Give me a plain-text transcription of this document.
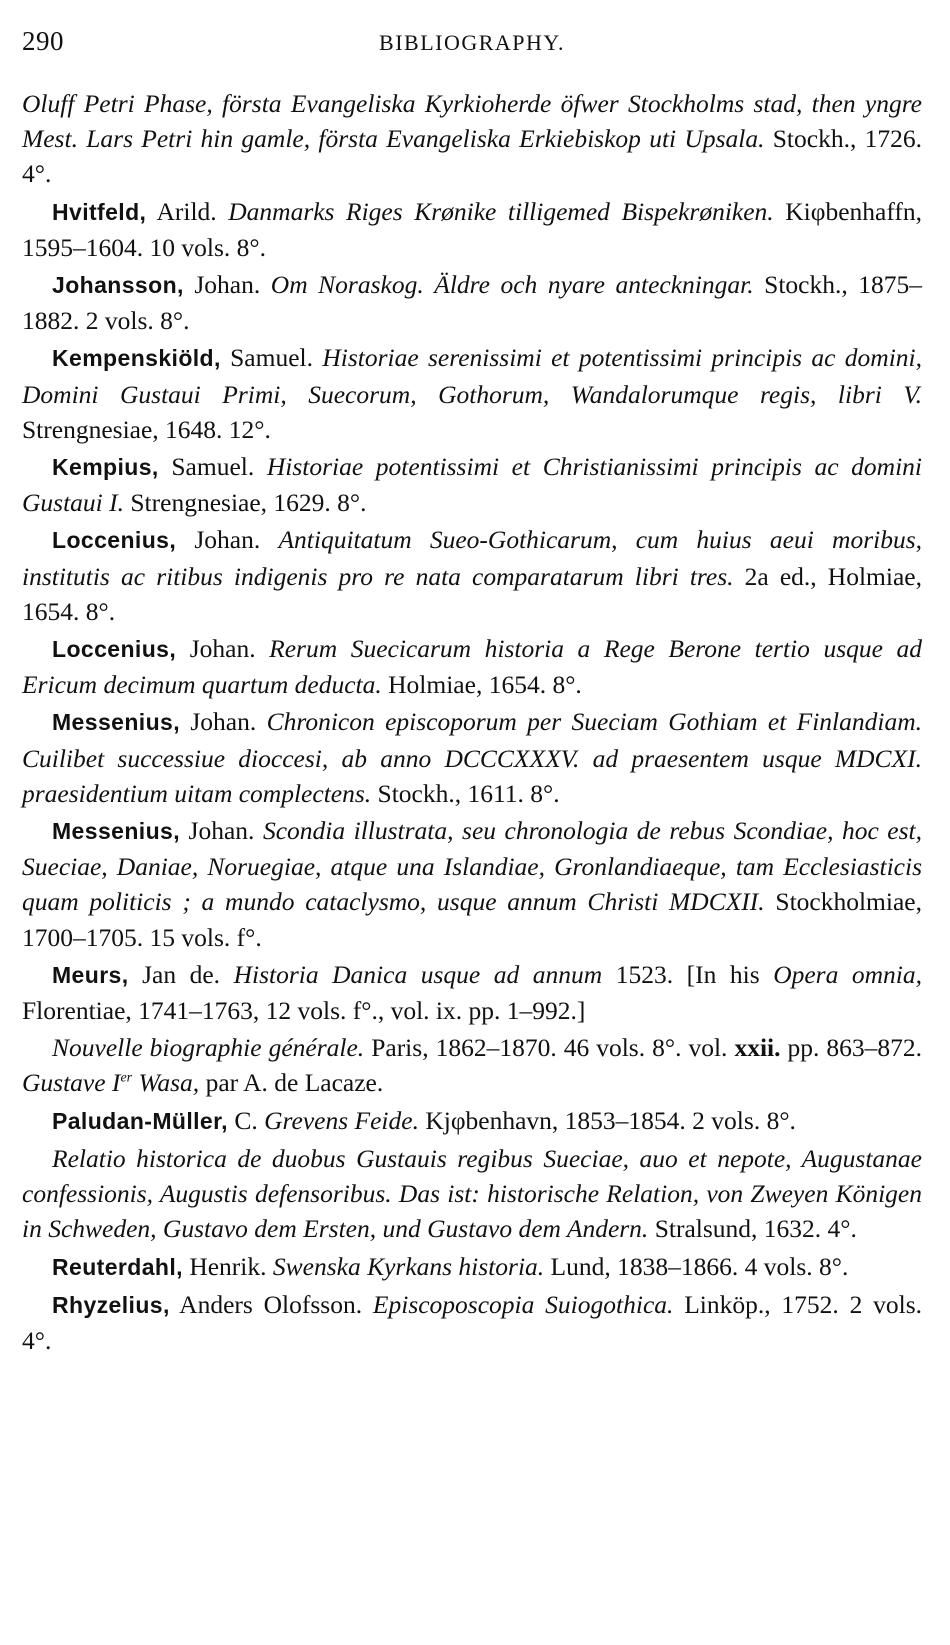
290	BIBLIOGRAPHY.

Oluff Petri Phase, första Evangeliska Kyrkioherde öfwer Stockholms stad, then yngre Mest. Lars Petri hin gamle, första Evangeliska Erkiebiskop uti Upsala. Stockh., 1726. 4°.

Hvitfeld, Arild. Danmarks Riges Krønike tilligemed Bispekrøniken. Kiφbenhaffn, 1595–1604. 10 vols. 8°.

Johansson, Johan. Om Noraskog. Äldre och nyare anteckningar. Stockh., 1875–1882. 2 vols. 8°.

Kempenskiöld, Samuel. Historiae serenissimi et potentissimi principis ac domini, Domini Gustaui Primi, Suecorum, Gothorum, Wandalorumque regis, libri V. Strengnesiae, 1648. 12°.

Kempius, Samuel. Historiae potentissimi et Christianissimi principis ac domini Gustaui I. Strengnesiae, 1629. 8°.

Loccenius, Johan. Antiquitatum Sueo-Gothicarum, cum huius aeui moribus, institutis ac ritibus indigenis pro re nata comparatarum libri tres. 2a ed., Holmiae, 1654. 8°.

Loccenius, Johan. Rerum Suecicarum historia a Rege Berone tertio usque ad Ericum decimum quartum deducta. Holmiae, 1654. 8°.

Messenius, Johan. Chronicon episcoporum per Sueciam Gothiam et Finlandiam. Cuilibet successiue dioccesi, ab anno DCCCXXXV. ad praesentem usque MDCXI. praesidentium uitam complectens. Stockh., 1611. 8°.

Messenius, Johan. Scondia illustrata, seu chronologia de rebus Scondiae, hoc est, Sueciae, Daniae, Noruegiae, atque una Islandiae, Gronlandiaeque, tam Ecclesiasticis quam politicis ; a mundo cataclysmo, usque annum Christi MDCXII. Stockholmiae, 1700–1705. 15 vols. f°.

Meurs, Jan de. Historia Danica usque ad annum 1523. [In his Opera omnia, Florentiae, 1741–1763, 12 vols. f°., vol. ix. pp. 1–992.]

Nouvelle biographie générale. Paris, 1862–1870. 46 vols. 8°. vol. xxii. pp. 863–872. Gustave Ier Wasa, par A. de Lacaze.

Paludan-Müller, C. Grevens Feide. Kjφbenhavn, 1853–1854. 2 vols. 8°.

Relatio historica de duobus Gustauis regibus Sueciae, auo et nepote, Augustanae confessionis, Augustis defensoribus. Das ist: historische Relation, von Zweyen Königen in Schweden, Gustavo dem Ersten, und Gustavo dem Andern. Stralsund, 1632. 4°.

Reuterdahl, Henrik. Swenska Kyrkans historia. Lund, 1838–1866. 4 vols. 8°.

Rhyzelius, Anders Olofsson. Episcoposcopia Suiogothica. Linköp., 1752. 2 vols. 4°.
